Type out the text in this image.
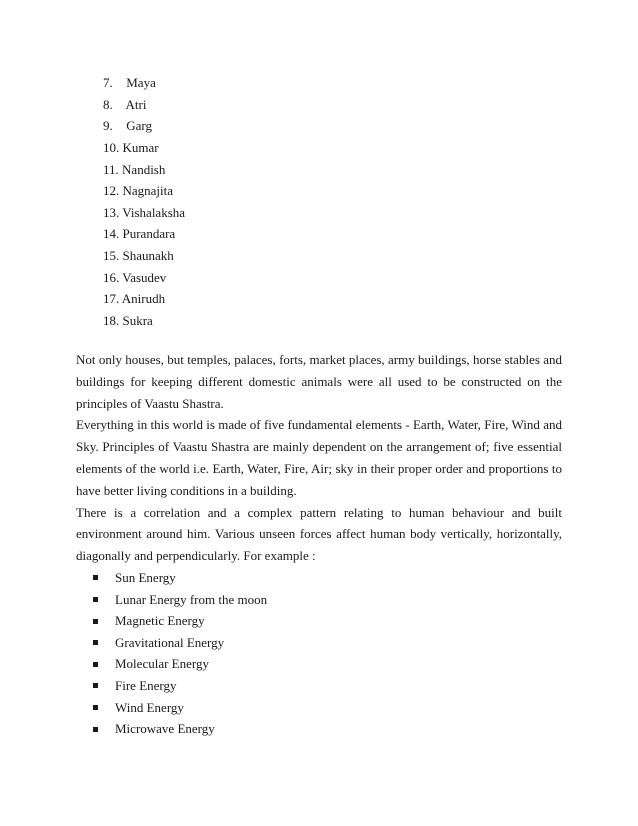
7. Maya
8. Atri
9. Garg
10. Kumar
11. Nandish
12. Nagnajita
13. Vishalaksha
14. Purandara
15. Shaunakh
16. Vasudev
17. Anirudh
18. Sukra

Not only houses, but temples, palaces, forts, market places, army buildings, horse stables and buildings for keeping different domestic animals were all used to be constructed on the principles of Vaastu Shastra.

Everything in this world is made of five fundamental elements - Earth, Water, Fire, Wind and Sky. Principles of Vaastu Shastra are mainly dependent on the arrangement of; five essential elements of the world i.e. Earth, Water, Fire, Air; sky in their proper order and proportions to have better living conditions in a building.

There is a correlation and a complex pattern relating to human behaviour and built environment around him. Various unseen forces affect human body vertically, horizontally, diagonally and perpendicularly. For example :

Sun Energy
Lunar Energy from the moon
Magnetic Energy
Gravitational Energy
Molecular Energy
Fire Energy
Wind Energy
Microwave Energy
